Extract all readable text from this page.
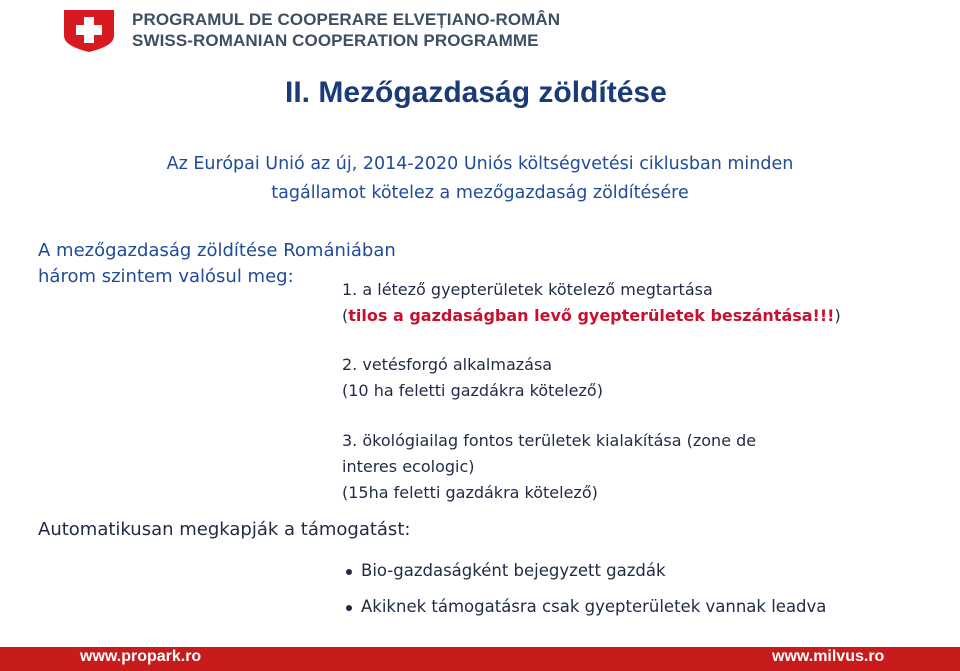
PROGRAMUL DE COOPERARE ELVEȚIANO-ROMÂN
SWISS-ROMANIAN COOPERATION PROGRAMME
II. Mezőgazdaság zöldítése
Az Európai Unió az új, 2014-2020 Uniós költségvetési ciklusban minden
tagállamot kötelez a mezőgazdaság zöldítésére
A mezőgazdaság zöldítése Romániában
három szintem valósul meg:
1. a létező gyepterületek kötelező megtartása
(tilos a gazdaságban levő gyepterületek beszántása!!!)
2. vetésforgó alkalmazása
(10 ha feletti gazdákra kötelező)
3. ökológiailag fontos területek kialakítása (zone de
interes ecologic)
(15ha feletti gazdákra kötelező)
Automatikusan megkapják a támogatást:
Bio-gazdaságként bejegyzett gazdák
Akiknek támogatásra csak gyepterületek vannak leadva
www.propark.ro	www.milvus.ro
